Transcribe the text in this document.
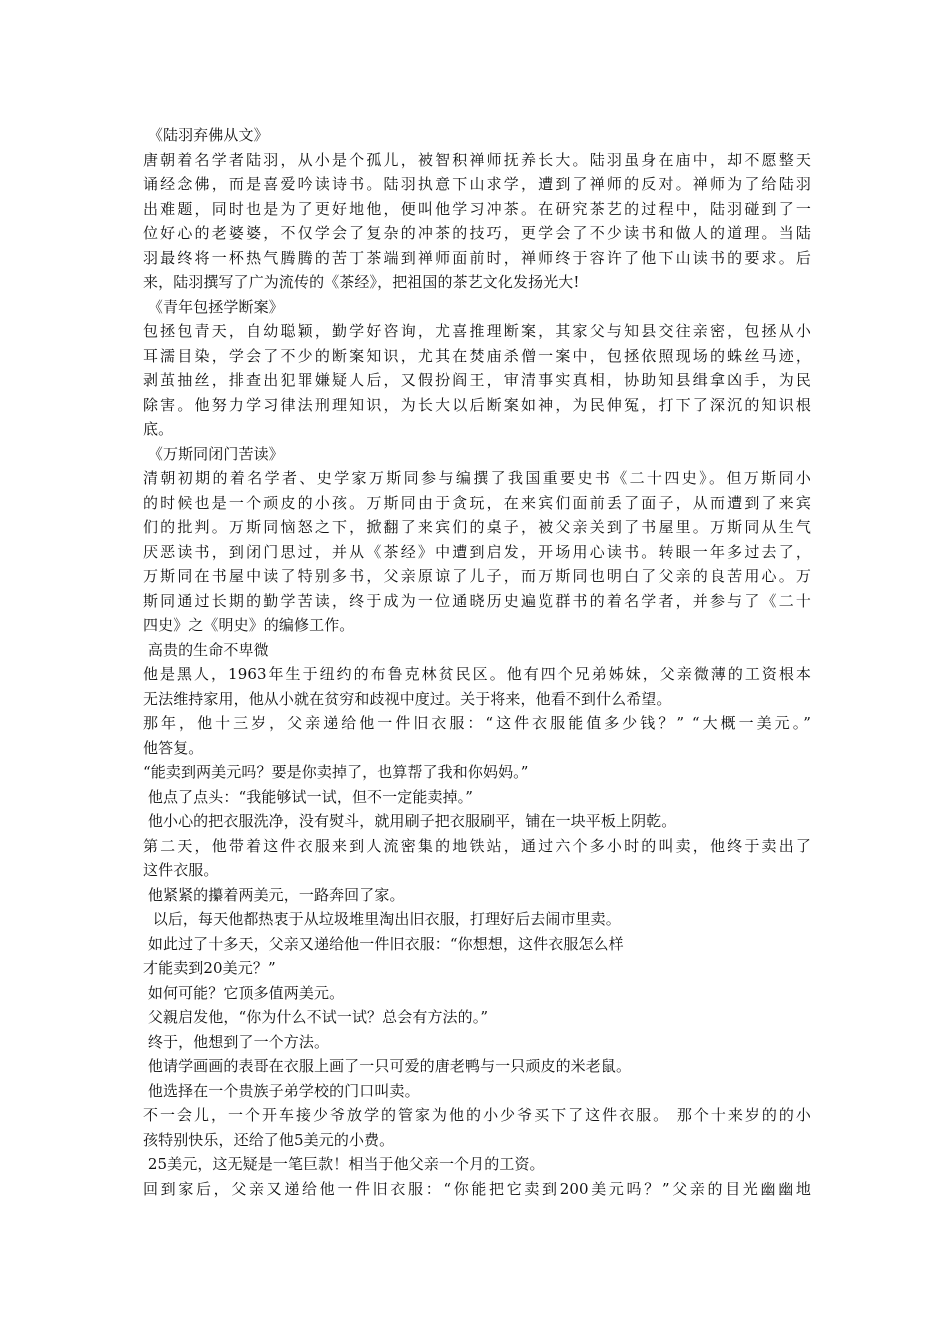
《陆羽弃佛从文》
唐朝着名学者陆羽，从小是个孤儿，被智积禅师抚养长大。陆羽虽身在庙中，却不愿整天
诵经念佛，而是喜爱吟读诗书。陆羽执意下山求学，遭到了禅师的反对。禅师为了给陆羽
出难题，同时也是为了更好地他，便叫他学习冲茶。在研究茶艺的过程中，陆羽碰到了一
位好心的老婆婆，不仅学会了复杂的冲茶的技巧，更学会了不少读书和做人的道理。当陆
羽最终将一杯热气腾腾的苦丁茶端到禅师面前时，禅师终于容许了他下山读书的要求。后
来，陆羽撰写了广为流传的《茶经》，把祖国的茶艺文化发扬光大!
《青年包拯学断案》
包拯包青天，自幼聪颖，勤学好咨询，尤喜推理断案，其家父与知县交往亲密，包拯从小
耳濡目染，学会了不少的断案知识，尤其在焚庙杀僧一案中，包拯依照现场的蛛丝马迹，
剥茧抽丝，排查出犯罪嫌疑人后，又假扮阎王，审清事实真相，协助知县缉拿凶手，为民
除害。他努力学习律法刑理知识，为长大以后断案如神，为民伸冤，打下了深沉的知识根
底。
《万斯同闭门苦读》
清朝初期的着名学者、史学家万斯同参与编撰了我国重要史书《二十四史》。但万斯同小
的时候也是一个顽皮的小孩。万斯同由于贪玩，在来宾们面前丢了面子，从而遭到了来宾
们的批判。万斯同恼怒之下，掀翻了来宾们的桌子，被父亲关到了书屋里。万斯同从生气
厌恶读书，到闭门思过，并从《茶经》中遭到启发，开场用心读书。转眼一年多过去了，
万斯同在书屋中读了特别多书，父亲原谅了儿子，而万斯同也明白了父亲的良苦用心。万
斯同通过长期的勤学苦读，终于成为一位通晓历史遍览群书的着名学者，并参与了《二十
四史》之《明史》的编修工作。
高贵的生命不卑微
他是黑人，1963年生于纽约的布鲁克林贫民区。他有四个兄弟姊妹，父亲微薄的工资根本
无法维持家用，他从小就在贫穷和歧视中度过。关于将来，他看不到什么希望。
那年，他十三岁，父亲递给他一件旧衣服：“这件衣服能值多少钱？” “大概一美元。”
他答复。
“能卖到两美元吗？要是你卖掉了，也算帮了我和你妈妈。”
他点了点头：“我能够试一试，但不一定能卖掉。”
他小心的把衣服洗净，没有熨斗，就用刷子把衣服刷平，铺在一块平板上阴乾。
第二天，他带着这件衣服来到人流密集的地铁站，通过六个多小时的叫卖，他终于卖出了
这件衣服。
他紧紧的攥着两美元，一路奔回了家。
以后，每天他都热衷于从垃圾堆里淘出旧衣服，打理好后去闹市里卖。
如此过了十多天，父亲又递给他一件旧衣服：“你想想，这件衣服怎么样
才能卖到20美元？”
如何可能？它顶多值两美元。
父親启发他，“你为什么不试一试？总会有方法的。”
终于，他想到了一个方法。
他请学画画的表哥在衣服上画了一只可爱的唐老鸭与一只顽皮的米老鼠。
他选择在一个贵族子弟学校的门口叫卖。
不一会儿，一个开车接少爷放学的管家为他的小少爷买下了这件衣服。 那个十来岁的的小
孩特别快乐，还给了他5美元的小费。
25美元，这无疑是一笔巨款！相当于他父亲一个月的工资。
回到家后，父亲又递给他一件旧衣服：“你能把它卖到200美元吗？”父亲的目光幽幽地
